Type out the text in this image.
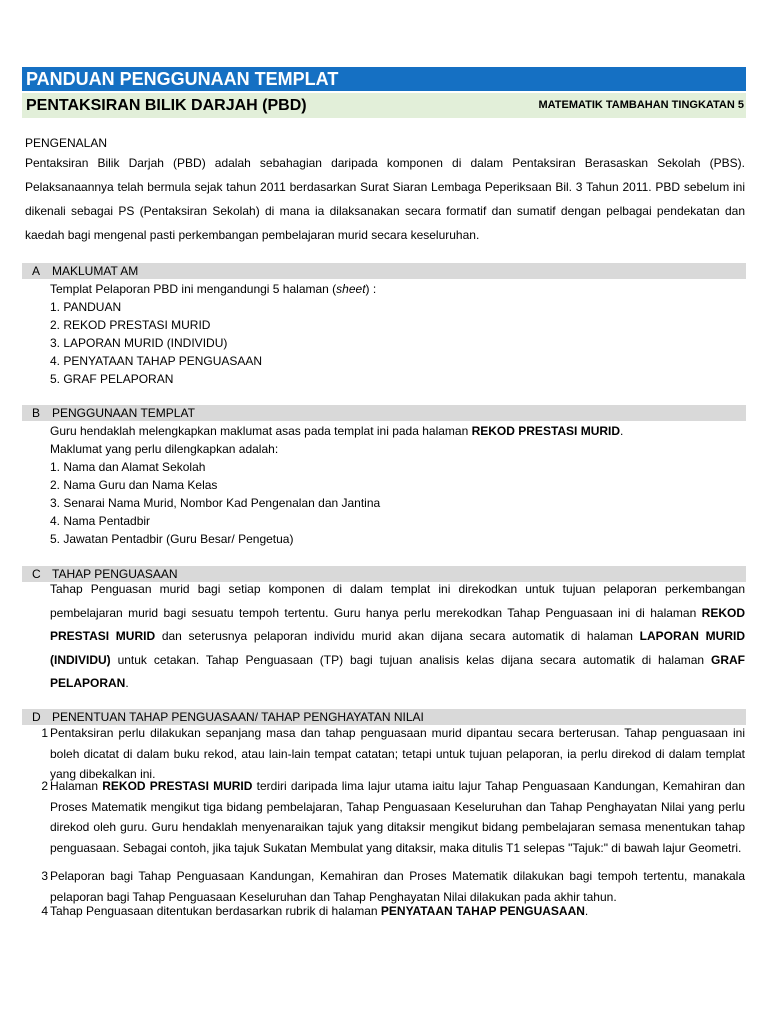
PANDUAN PENGGUNAAN TEMPLAT
PENTAKSIRAN BILIK DARJAH (PBD)	MATEMATIK TAMBAHAN TINGKATAN 5
PENGENALAN
Pentaksiran Bilik Darjah (PBD) adalah sebahagian daripada komponen di dalam Pentaksiran Berasaskan Sekolah (PBS). Pelaksanaannya telah bermula sejak tahun 2011 berdasarkan Surat Siaran Lembaga Peperiksaan Bil. 3 Tahun 2011. PBD sebelum ini dikenali sebagai PS (Pentaksiran Sekolah) di mana ia dilaksanakan secara formatif dan sumatif dengan pelbagai pendekatan dan kaedah bagi mengenal pasti perkembangan pembelajaran murid secara keseluruhan.
A MAKLUMAT AM
Templat Pelaporan PBD ini mengandungi 5 halaman (sheet) :
1. PANDUAN
2. REKOD PRESTASI MURID
3. LAPORAN MURID (INDIVIDU)
4. PENYATAAN TAHAP PENGUASAAN
5. GRAF PELAPORAN
B PENGGUNAAN TEMPLAT
Guru hendaklah melengkapkan maklumat asas pada templat ini pada halaman REKOD PRESTASI MURID.
Maklumat yang perlu dilengkapkan adalah:
1. Nama dan Alamat Sekolah
2. Nama Guru dan Nama Kelas
3. Senarai Nama Murid, Nombor Kad Pengenalan dan Jantina
4. Nama Pentadbir
5. Jawatan Pentadbir (Guru Besar/ Pengetua)
C TAHAP PENGUASAAN
Tahap Penguasan murid bagi setiap komponen di dalam templat ini direkodkan untuk tujuan pelaporan perkembangan pembelajaran murid bagi sesuatu tempoh tertentu. Guru hanya perlu merekodkan Tahap Penguasaan ini di halaman REKOD PRESTASI MURID dan seterusnya pelaporan individu murid akan dijana secara automatik di halaman LAPORAN MURID (INDIVIDU) untuk cetakan. Tahap Penguasaan (TP) bagi tujuan analisis kelas dijana secara automatik di halaman GRAF PELAPORAN.
D PENENTUAN TAHAP PENGUASAAN/ TAHAP PENGHAYATAN NILAI
1 Pentaksiran perlu dilakukan sepanjang masa dan tahap penguasaan murid dipantau secara berterusan. Tahap penguasaan ini boleh dicatat di dalam buku rekod, atau lain-lain tempat catatan; tetapi untuk tujuan pelaporan, ia perlu direkod di dalam templat yang dibekalkan ini.
2 Halaman REKOD PRESTASI MURID terdiri daripada lima lajur utama iaitu lajur Tahap Penguasaan Kandungan, Kemahiran dan Proses Matematik mengikut tiga bidang pembelajaran, Tahap Penguasaan Keseluruhan dan Tahap Penghayatan Nilai yang perlu direkod oleh guru. Guru hendaklah menyenaraikan tajuk yang ditaksir mengikut bidang pembelajaran semasa menentukan tahap penguasaan. Sebagai contoh, jika tajuk Sukatan Membulat yang ditaksir, maka ditulis T1 selepas "Tajuk:" di bawah lajur Geometri.
3 Pelaporan bagi Tahap Penguasaan Kandungan, Kemahiran dan Proses Matematik dilakukan bagi tempoh tertentu, manakala pelaporan bagi Tahap Penguasaan Keseluruhan dan Tahap Penghayatan Nilai dilakukan pada akhir tahun.
4 Tahap Penguasaan ditentukan berdasarkan rubrik di halaman PENYATAAN TAHAP PENGUASAAN.
